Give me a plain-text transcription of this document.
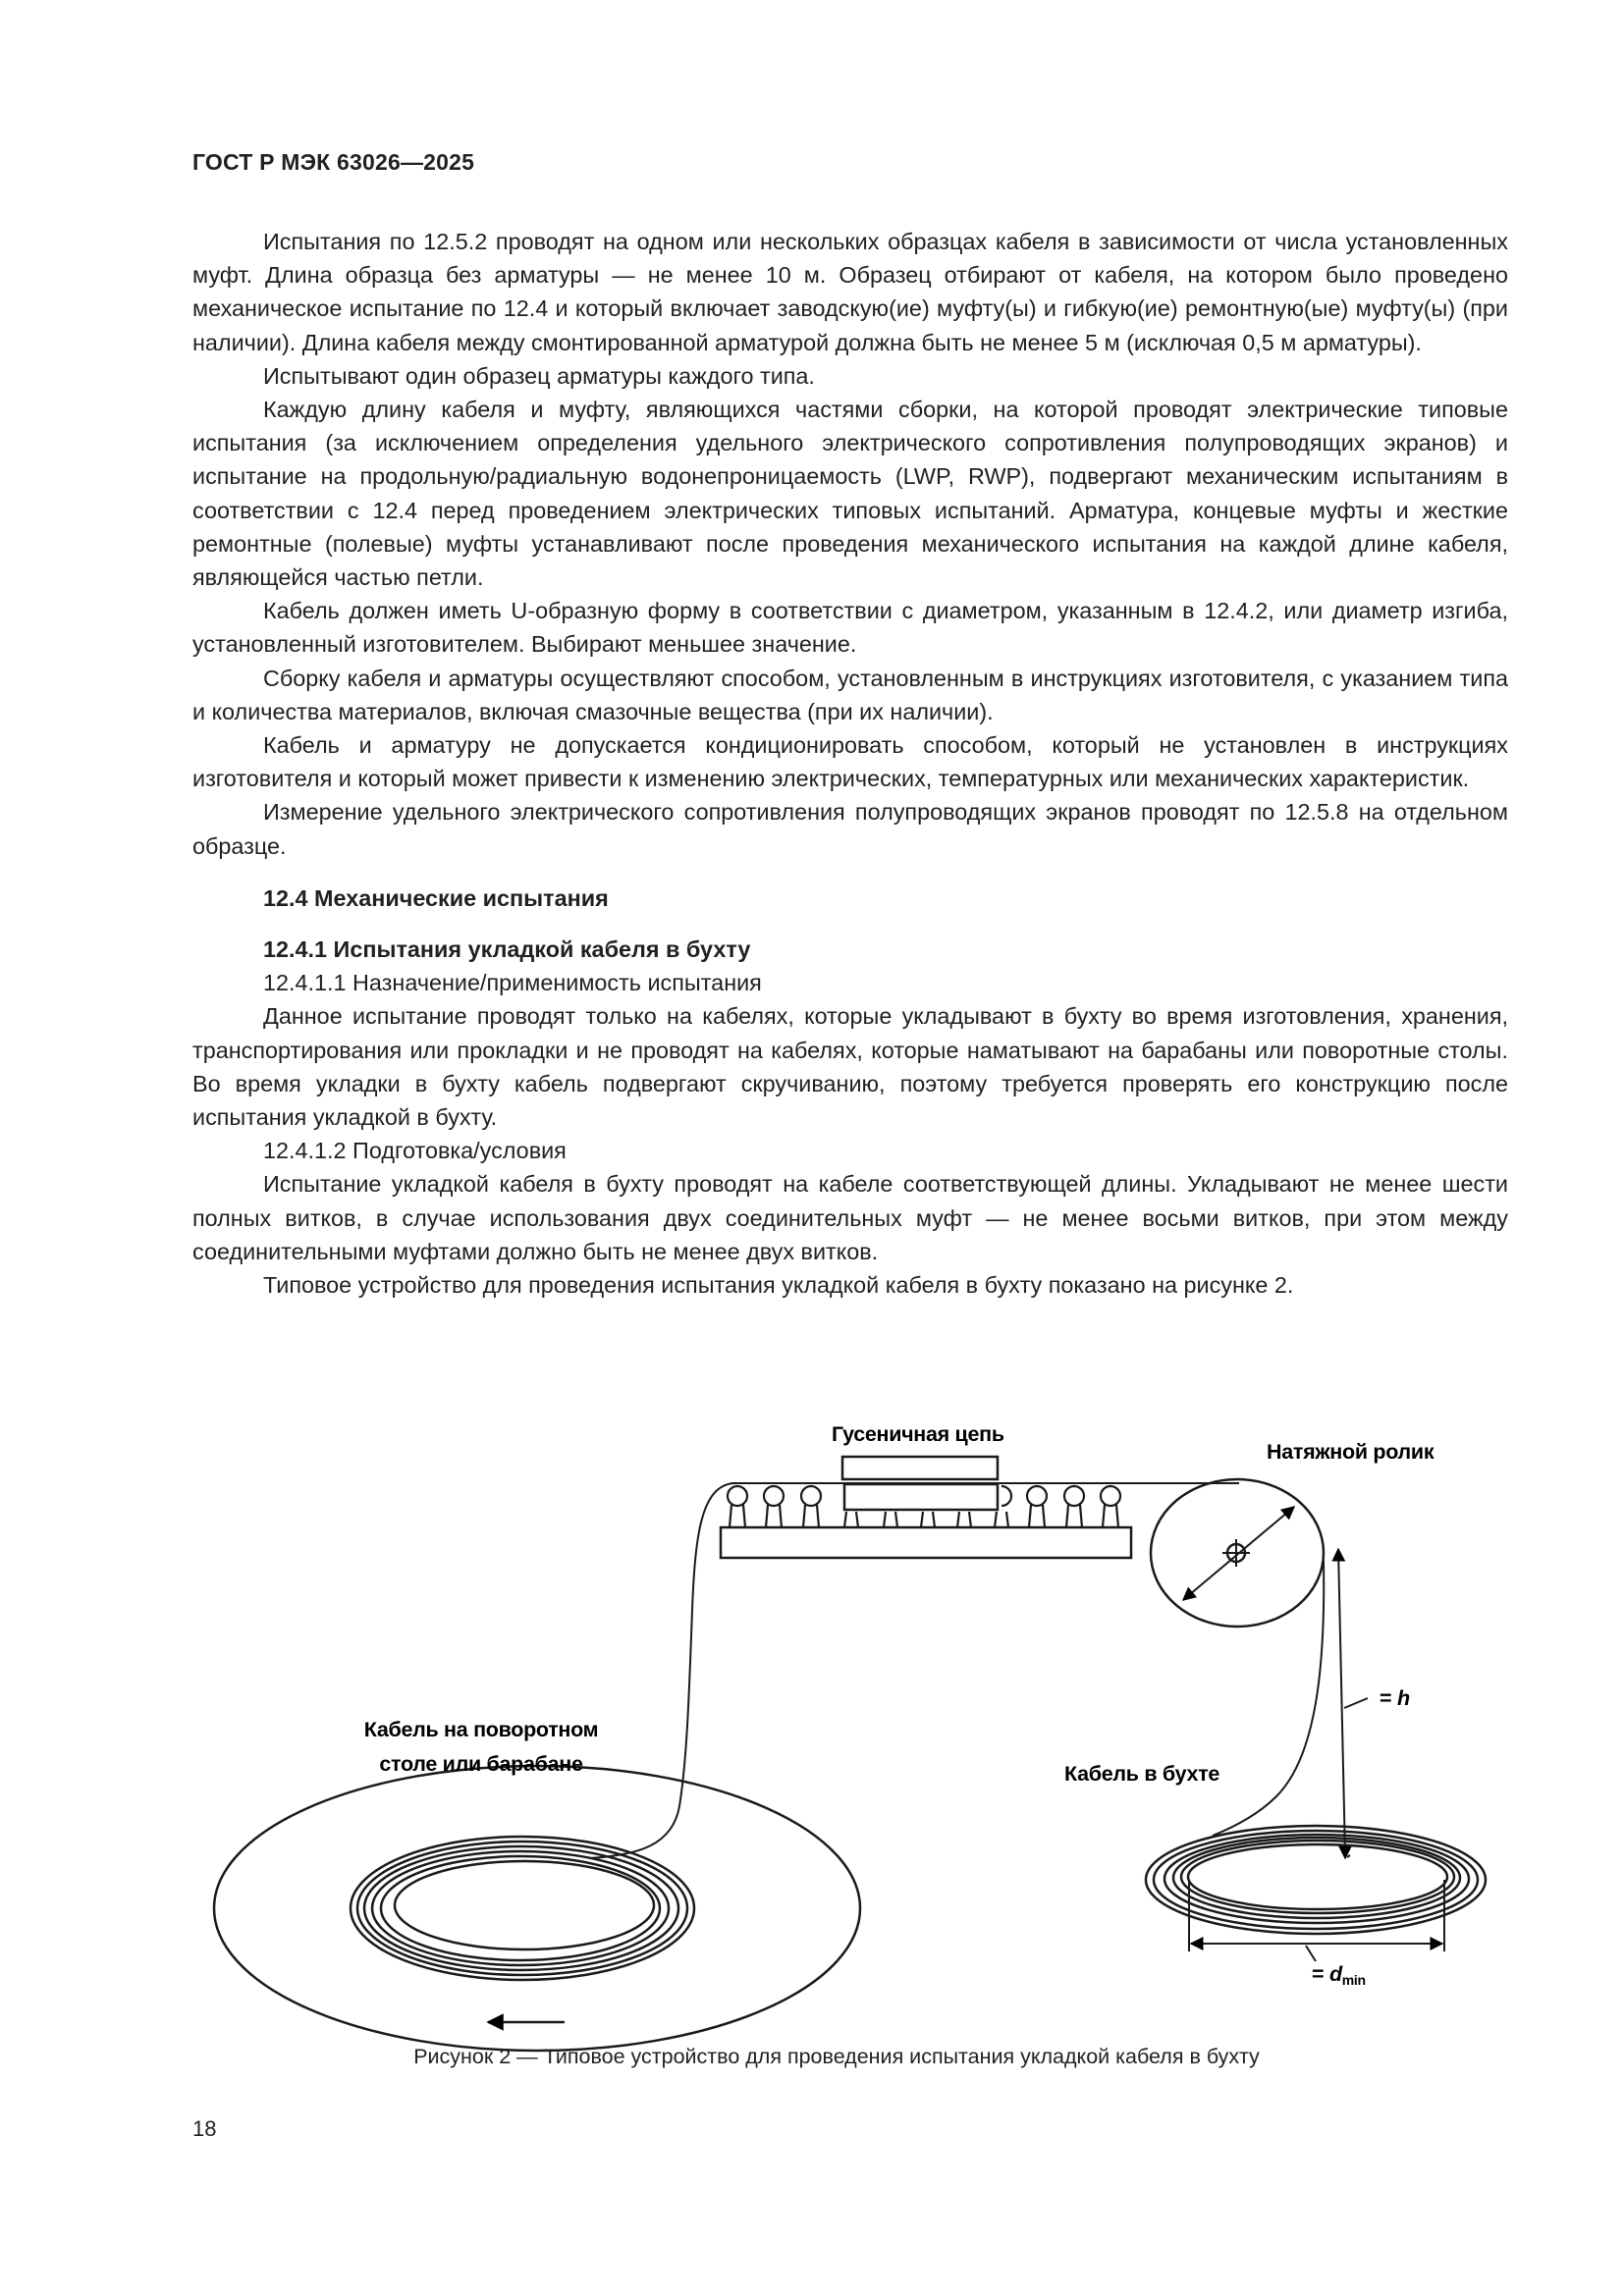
ГОСТ Р МЭК 63026—2025

Испытания по 12.5.2 проводят на одном или нескольких образцах кабеля в зависимости от числа установленных муфт. Длина образца без арматуры — не менее 10 м. Образец отбирают от кабеля, на котором было проведено механическое испытание по 12.4 и который включает заводскую(ие) муфту(ы) и гибкую(ие) ремонтную(ые) муфту(ы) (при наличии). Длина кабеля между смонтированной арматурой должна быть не менее 5 м (исключая 0,5 м арматуры).

Испытывают один образец арматуры каждого типа.

Каждую длину кабеля и муфту, являющихся частями сборки, на которой проводят электрические типовые испытания (за исключением определения удельного электрического сопротивления полупроводящих экранов) и испытание на продольную/радиальную водонепроницаемость (LWP, RWP), подвергают механическим испытаниям в соответствии с 12.4 перед проведением электрических типовых испытаний. Арматура, концевые муфты и жесткие ремонтные (полевые) муфты устанавливают после проведения механического испытания на каждой длине кабеля, являющейся частью петли.

Кабель должен иметь U-образную форму в соответствии с диаметром, указанным в 12.4.2, или диаметр изгиба, установленный изготовителем. Выбирают меньшее значение.

Сборку кабеля и арматуры осуществляют способом, установленным в инструкциях изготовителя, с указанием типа и количества материалов, включая смазочные вещества (при их наличии).

Кабель и арматуру не допускается кондиционировать способом, который не установлен в инструкциях изготовителя и который может привести к изменению электрических, температурных или механических характеристик.

Измерение удельного электрического сопротивления полупроводящих экранов проводят по 12.5.8 на отдельном образце.

12.4 Механические испытания

12.4.1 Испытания укладкой кабеля в бухту

12.4.1.1 Назначение/применимость испытания

Данное испытание проводят только на кабелях, которые укладывают в бухту во время изготовления, хранения, транспортирования или прокладки и не проводят на кабелях, которые наматывают на барабаны или поворотные столы. Во время укладки в бухту кабель подвергают скручиванию, поэтому требуется проверять его конструкцию после испытания укладкой в бухту.

12.4.1.2 Подготовка/условия

Испытание укладкой кабеля в бухту проводят на кабеле соответствующей длины. Укладывают не менее шести полных витков, в случае использования двух соединительных муфт — не менее восьми витков, при этом между соединительными муфтами должно быть не менее двух витков.

Типовое устройство для проведения испытания укладкой кабеля в бухту показано на рисунке 2.

Гусеничная цепь
Натяжной ролик
Кабель на поворотном
столе или барабане	Кабель в бухте
= h
= $d_{min}$
Рисунок 2 — Типовое устройство для проведения испытания укладкой кабеля в бухту
18
